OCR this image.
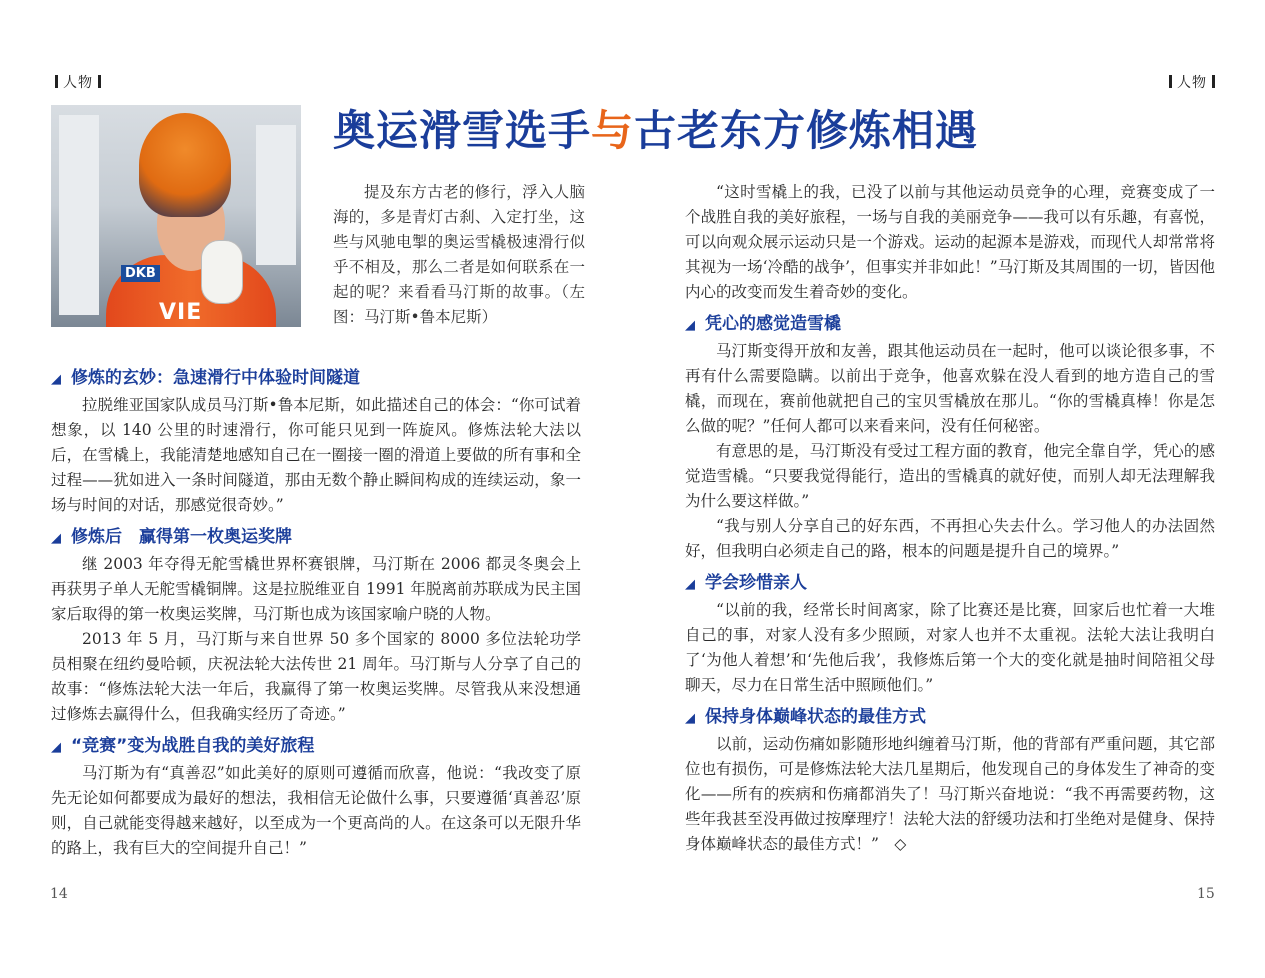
人物	人物
DKB
VIE
奥运滑雪选手与古老东方修炼相遇
提及东方古老的修行，浮入人脑海的，多是青灯古刹、入定打坐，这些与风驰电掣的奥运雪橇极速滑行似乎不相及，那么二者是如何联系在一起的呢？来看看马汀斯的故事。（左图：马汀斯•鲁本尼斯）
◢ 修炼的玄妙：急速滑行中体验时间隧道

拉脱维亚国家队成员马汀斯•鲁本尼斯，如此描述自己的体会：“你可试着想象，以 140 公里的时速滑行，你可能只见到一阵旋风。修炼法轮大法以后，在雪橇上，我能清楚地感知自己在一圈接一圈的滑道上要做的所有事和全过程——犹如进入一条时间隧道，那由无数个静止瞬间构成的连续运动，象一场与时间的对话，那感觉很奇妙。”

◢ 修炼后　赢得第一枚奥运奖牌

继 2003 年夺得无舵雪橇世界杯赛银牌，马汀斯在 2006 都灵冬奥会上再获男子单人无舵雪橇铜牌。这是拉脱维亚自 1991 年脱离前苏联成为民主国家后取得的第一枚奥运奖牌，马汀斯也成为该国家喻户晓的人物。

2013 年 5 月，马汀斯与来自世界 50 多个国家的 8000 多位法轮功学员相聚在纽约曼哈顿，庆祝法轮大法传世 21 周年。马汀斯与人分享了自己的故事：“修炼法轮大法一年后，我赢得了第一枚奥运奖牌。尽管我从来没想通过修炼去赢得什么，但我确实经历了奇迹。”

◢ “竞赛”变为战胜自我的美好旅程

马汀斯为有“真善忍”如此美好的原则可遵循而欣喜，他说：“我改变了原先无论如何都要成为最好的想法，我相信无论做什么事，只要遵循‘真善忍’原则，自己就能变得越来越好，以至成为一个更高尚的人。在这条可以无限升华的路上，我有巨大的空间提升自己！”

“这时雪橇上的我，已没了以前与其他运动员竞争的心理，竞赛变成了一个战胜自我的美好旅程，一场与自我的美丽竞争——我可以有乐趣，有喜悦，可以向观众展示运动只是一个游戏。运动的起源本是游戏，而现代人却常常将其视为一场‘冷酷的战争’，但事实并非如此！”马汀斯及其周围的一切，皆因他内心的改变而发生着奇妙的变化。

◢ 凭心的感觉造雪橇

马汀斯变得开放和友善，跟其他运动员在一起时，他可以谈论很多事，不再有什么需要隐瞒。以前出于竞争，他喜欢躲在没人看到的地方造自己的雪橇，而现在，赛前他就把自己的宝贝雪橇放在那儿。“你的雪橇真棒！你是怎么做的呢？”任何人都可以来看来问，没有任何秘密。

有意思的是，马汀斯没有受过工程方面的教育，他完全靠自学，凭心的感觉造雪橇。“只要我觉得能行，造出的雪橇真的就好使，而别人却无法理解我为什么要这样做。”

“我与别人分享自己的好东西，不再担心失去什么。学习他人的办法固然好，但我明白必须走自己的路，根本的问题是提升自己的境界。”

◢ 学会珍惜亲人

“以前的我，经常长时间离家，除了比赛还是比赛，回家后也忙着一大堆自己的事，对家人没有多少照顾，对家人也并不太重视。法轮大法让我明白了‘为他人着想’和‘先他后我’，我修炼后第一个大的变化就是抽时间陪祖父母聊天，尽力在日常生活中照顾他们。”

◢ 保持身体巅峰状态的最佳方式

以前，运动伤痛如影随形地纠缠着马汀斯，他的背部有严重问题，其它部位也有损伤，可是修炼法轮大法几星期后，他发现自己的身体发生了神奇的变化——所有的疾病和伤痛都消失了！马汀斯兴奋地说：“我不再需要药物，这些年我甚至没再做过按摩理疗！法轮大法的舒缓功法和打坐绝对是健身、保持身体巅峰状态的最佳方式！”　◇

14	15
